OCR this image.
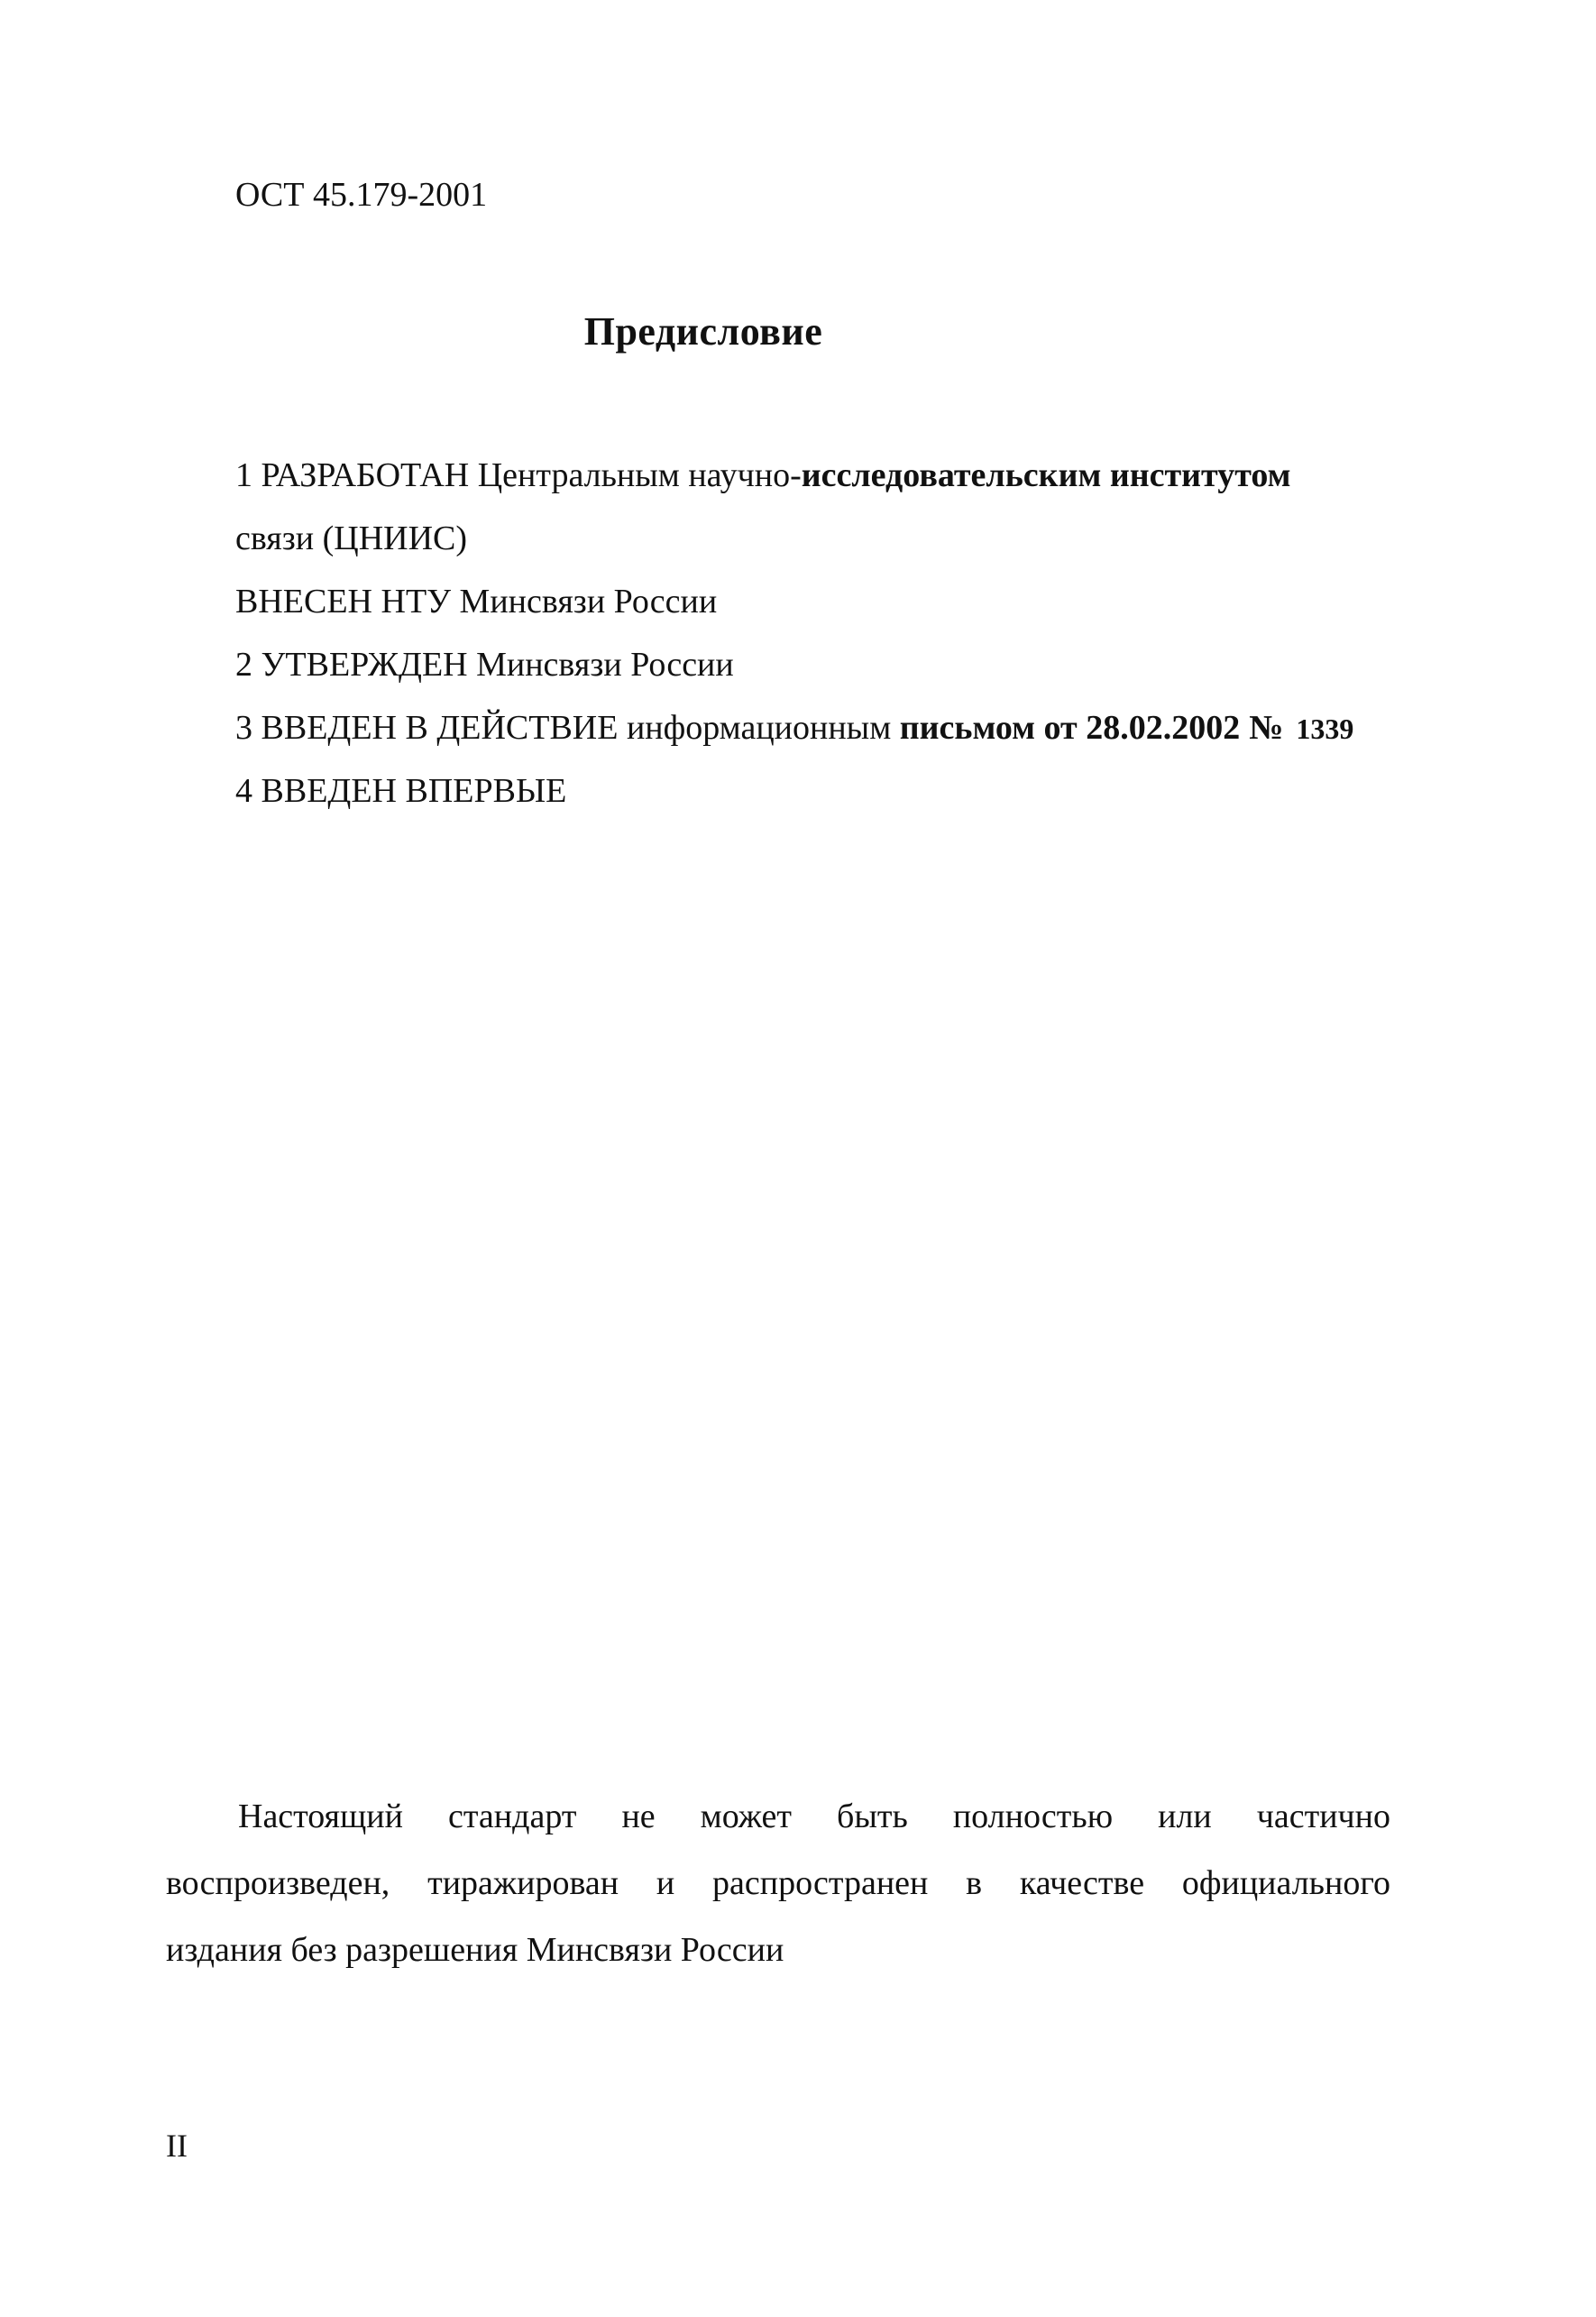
ОСТ 45.179-2001
Предисловие
1 РАЗРАБОТАН Центральным научно-исследовательским институтом
связи (ЦНИИС)
ВНЕСЕН НТУ Минсвязи России
2 УТВЕРЖДЕН Минсвязи России
3 ВВЕДЕН В ДЕЙСТВИЕ информационным письмом от 28.02.2002 № 1339
4 ВВЕДЕН ВПЕРВЫЕ
Настоящий стандарт не может быть полностью или частично
воспроизведен, тиражирован и распространен в качестве официального
издания без разрешения Минсвязи России
II
